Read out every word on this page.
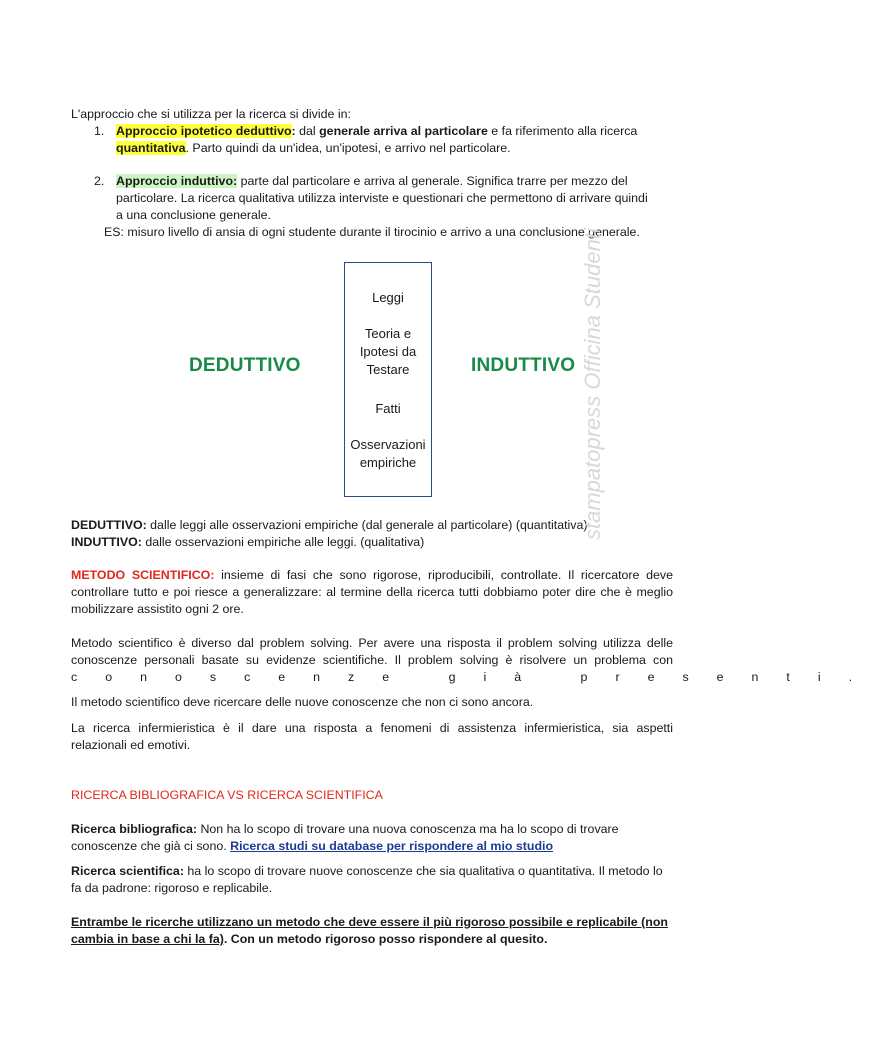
L'approccio che si utilizza per la ricerca si divide in:
1. Approccio ipotetico deduttivo: dal generale arriva al particolare e fa riferimento alla ricerca
quantitativa. Parto quindi da un'idea, un'ipotesi, e arrivo nel particolare.
2. Approccio induttivo: parte dal particolare e arriva al generale. Significa trarre per mezzo del
particolare. La ricerca qualitativa utilizza interviste e questionari che permettono di arrivare quindi
a una conclusione generale.
ES: misuro livello di ansia di ogni studente durante il tirocinio e arrivo a una conclusione generale.
DEDUTTIVO	INDUTTIVO
Leggi
Teoria e
Ipotesi da
Testare
Fatti
Osservazioni
empiriche
DEDUTTIVO: dalle leggi alle osservazioni empiriche (dal generale al particolare) (quantitativa)
INDUTTIVO: dalle osservazioni empiriche alle leggi. (qualitativa)
METODO SCIENTIFICO: insieme di fasi che sono rigorose, riproducibili, controllate. Il ricercatore deve
controllare tutto e poi riesce a generalizzare: al termine della ricerca tutti dobbiamo poter dire che è meglio
mobilizzare assistito ogni 2 ore.
Metodo scientifico è diverso dal problem solving. Per avere una risposta il problem solving utilizza delle
conoscenze personali basate su evidenze scientifiche. Il problem solving è risolvere un problema con
conoscenze già presenti.
Il metodo scientifico deve ricercare delle nuove conoscenze che non ci sono ancora.
La ricerca infermieristica è il dare una risposta a fenomeni di assistenza infermieristica, sia aspetti
relazionali ed emotivi.
RICERCA BIBLIOGRAFICA VS RICERCA SCIENTIFICA
Ricerca bibliografica: Non ha lo scopo di trovare una nuova conoscenza ma ha lo scopo di trovare
conoscenze che già ci sono. Ricerca studi su database per rispondere al mio studio
Ricerca scientifica: ha lo scopo di trovare nuove conoscenze che sia qualitativa o quantitativa. Il metodo lo
fa da padrone: rigoroso e replicabile.
Entrambe le ricerche utilizzano un metodo che deve essere il più rigoroso possibile e replicabile (non
cambia in base a chi la fa). Con un metodo rigoroso posso rispondere al quesito.
stampatopress Officina Studenti
